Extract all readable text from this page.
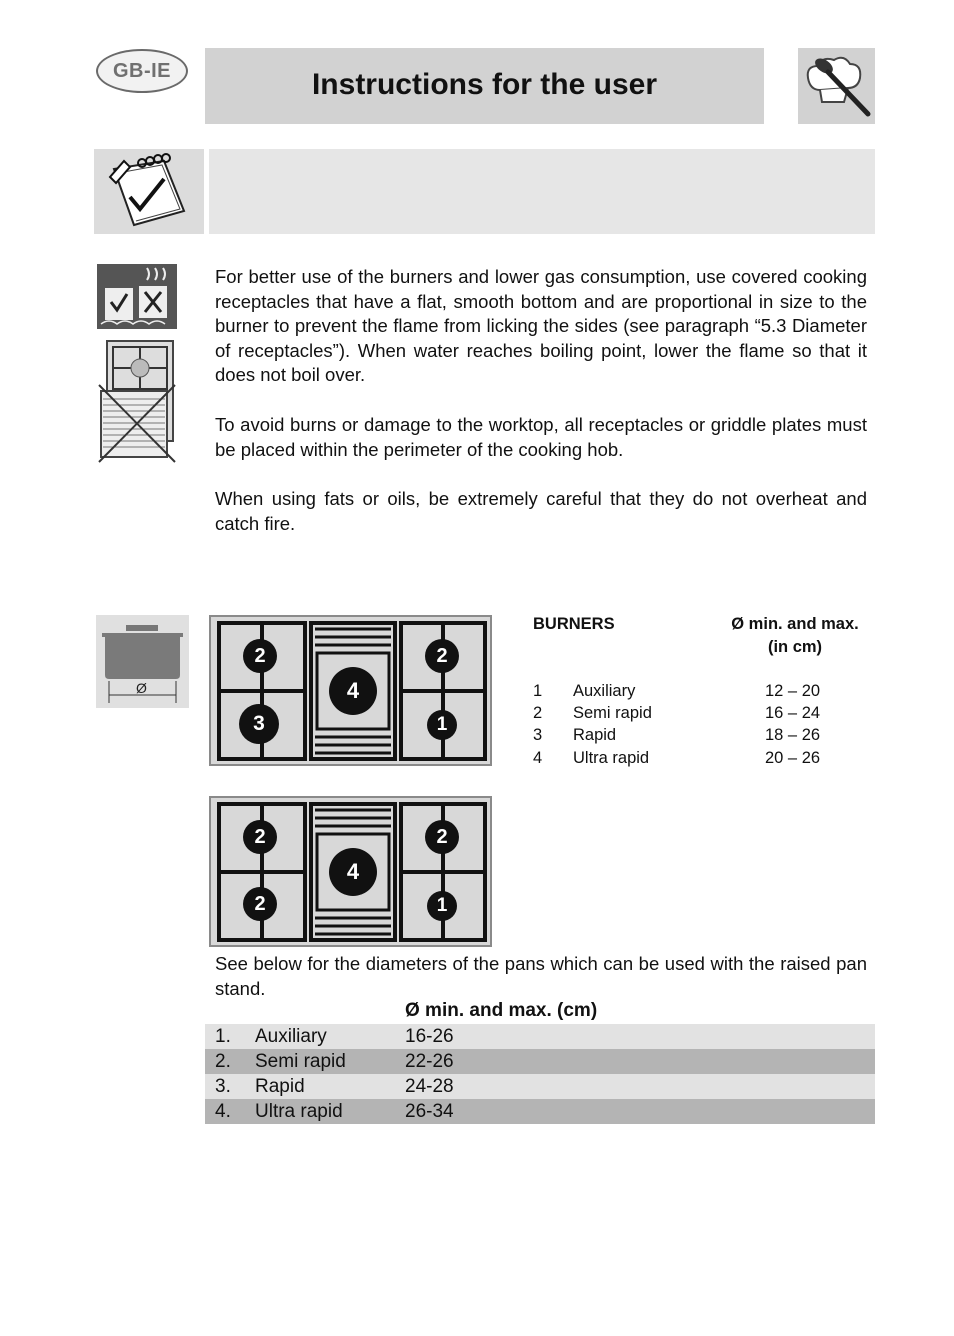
GB-IE	Instructions for the user
For better use of the burners and lower gas consumption, use covered cooking receptacles that have a flat, smooth bottom and are proportional in size to the burner to prevent the flame from licking the sides (see paragraph “5.3 Diameter of receptacles”). When water reaches boiling point, lower the flame so that it does not boil over.
To avoid burns or damage to the worktop, all receptacles or griddle plates must be placed within the perimeter of the cooking hob.
When using fats or oils, be extremely careful that they do not overheat and catch fire.
Ø
2
3
4
2
1
2
2
4
2
1
BURNERS	Ø min. and max.
(in cm)
1 Auxiliary	12 – 20
2 Semi rapid	16 – 24
3 Rapid	18 – 26
4 Ultra rapid	20 – 26
See below for the diameters of the pans which can be used with the raised pan stand.
Ø min. and max. (cm)
1. Auxiliary	16-26
2. Semi rapid	22-26
3. Rapid	24-28
4. Ultra rapid	26-34
